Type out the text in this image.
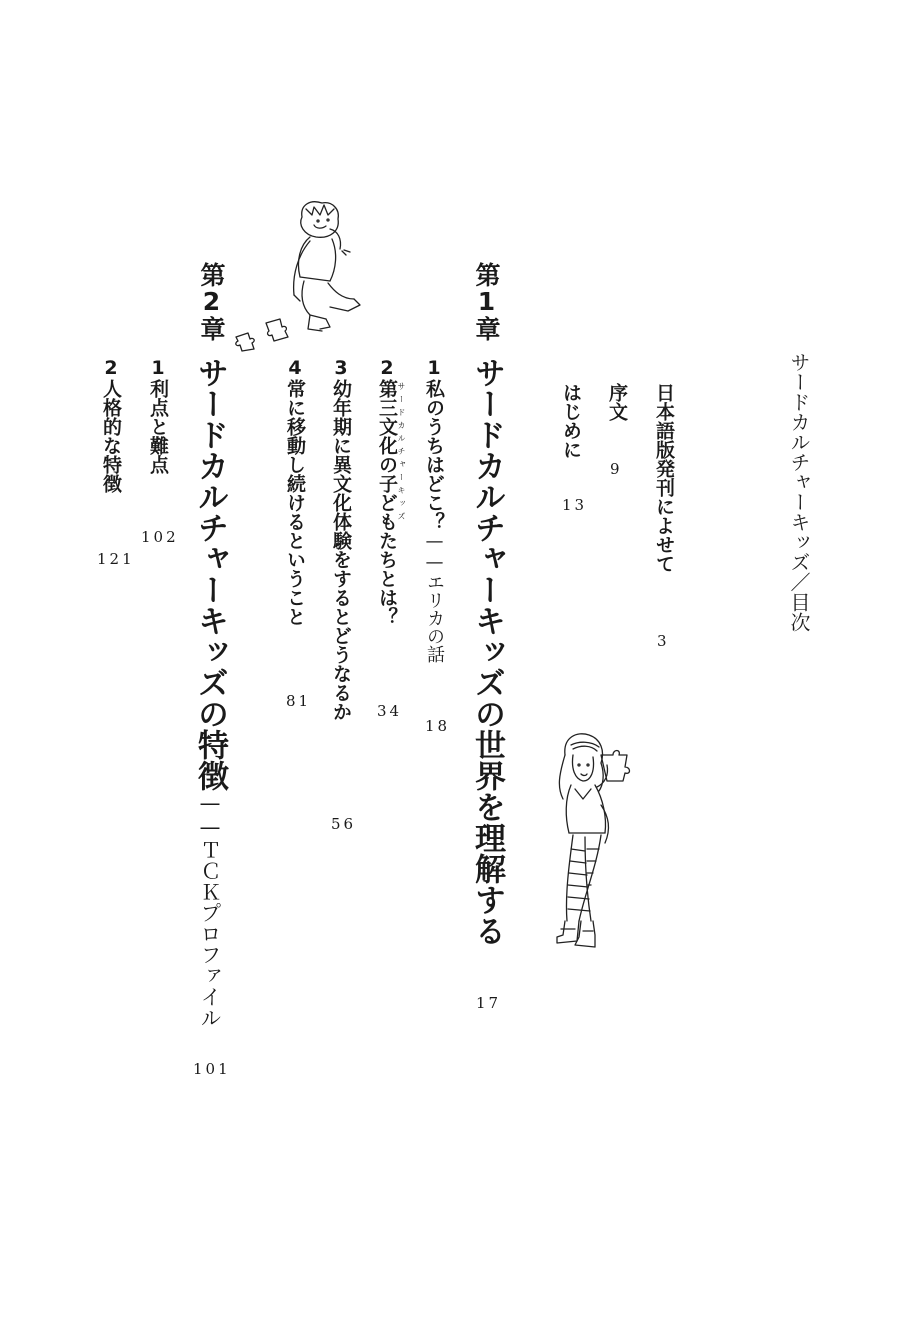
サードカルチャーキッズ／目次
日本語版発刊によせて
3
序文
9
はじめに
13
第1章
サードカルチャーキッズの世界を理解する
17
1私のうちはどこ？——エリカの話
18
サードカルチャーキッズ
2第三文化の子どもたちとは？
34
3幼年期に異文化体験をするとどうなるか
56
4常に移動し続けるということ
81
第2章
サードカルチャーキッズの特徴——ＴＣＫプロファイル
101
1利点と難点
102
2人格的な特徴
121
